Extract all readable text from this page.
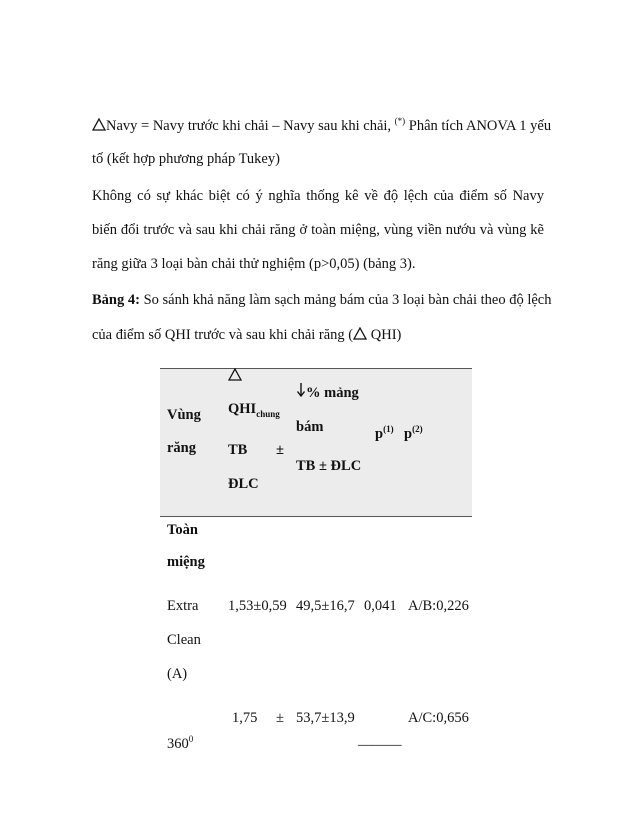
Navy = Navy trước khi chải – Navy sau khi chải, (*) Phân tích ANOVA 1 yếu
tố (kết hợp phương pháp Tukey)
Không có sự khác biệt có ý nghĩa thống kê về độ lệch của điểm số Navy
biến đổi trước và sau khi chải răng ở toàn miệng, vùng viền nướu và vùng kẽ
răng giữa 3 loại bàn chải thử nghiệm (p>0,05) (bảng 3).
Bảng 4: So sánh khả năng làm sạch mảng bám của 3 loại bàn chải theo độ lệch
của điểm số QHI trước và sau khi chải răng ( QHI)
Vùng
răng
$QHI_{chung}$
TB ±
ĐLC
% mảng
bám
TB ± ĐLC
$p^{(1)}$ $p^{(2)}$
Toàn
miệng
Extra
Clean
(A)
1,53±0,59 49,5±16,7 0,041 A/B:0,226
1,75 ± 53,7±13,9	A/C:0,656
$360^0$	______
